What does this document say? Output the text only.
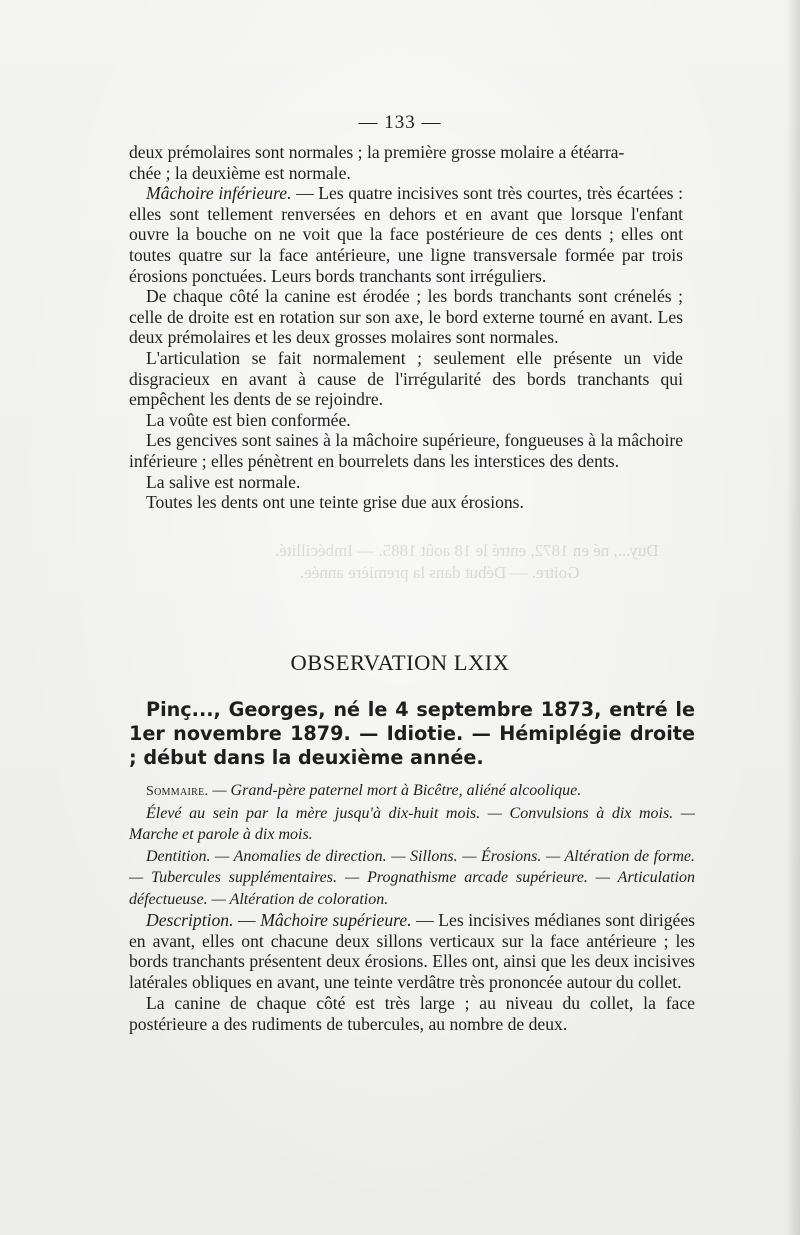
Duy..., né en 1872, entré le 18 août 1885. — Imbécillité.
Goitre. — Début dans la première année.
— 133 —

deux prémolaires sont normales ; la première grosse molaire a étéarra-
chée ; la deuxième est normale.

Mâchoire inférieure. — Les quatre incisives sont très courtes, très écartées : elles sont tellement renversées en dehors et en avant que lorsque l'enfant ouvre la bouche on ne voit que la face postérieure de ces dents ; elles ont toutes quatre sur la face antérieure, une ligne transversale formée par trois érosions ponctuées. Leurs bords tranchants sont irréguliers.

De chaque côté la canine est érodée ; les bords tranchants sont crénelés ; celle de droite est en rotation sur son axe, le bord externe tourné en avant. Les deux prémolaires et les deux grosses molaires sont normales.

L'articulation se fait normalement ; seulement elle présente un vide disgracieux en avant à cause de l'irrégularité des bords tranchants qui empêchent les dents de se rejoindre.

La voûte est bien conformée.

Les gencives sont saines à la mâchoire supérieure, fongueuses à la mâchoire inférieure ; elles pénètrent en bourrelets dans les interstices des dents.

La salive est normale.

Toutes les dents ont une teinte grise due aux érosions.

OBSERVATION LXIX

Pinç..., Georges, né le 4 septembre 1873, entré le 1er novembre 1879. — Idiotie. — Hémiplégie droite ; début dans la deuxième année.

Sommaire. — Grand-père paternel mort à Bicêtre, aliéné alcoolique.

Élevé au sein par la mère jusqu'à dix-huit mois. — Convulsions à dix mois. — Marche et parole à dix mois.

Dentition. — Anomalies de direction. — Sillons. — Érosions. — Altération de forme. — Tubercules supplémentaires. — Prognathisme arcade supérieure. — Articulation défectueuse. — Altération de coloration.

Description. — Mâchoire supérieure. — Les incisives médianes sont dirigées en avant, elles ont chacune deux sillons verticaux sur la face antérieure ; les bords tranchants présentent deux érosions. Elles ont, ainsi que les deux incisives latérales obliques en avant, une teinte verdâtre très prononcée autour du collet.

La canine de chaque côté est très large ; au niveau du collet, la face postérieure a des rudiments de tubercules, au nombre de deux.
